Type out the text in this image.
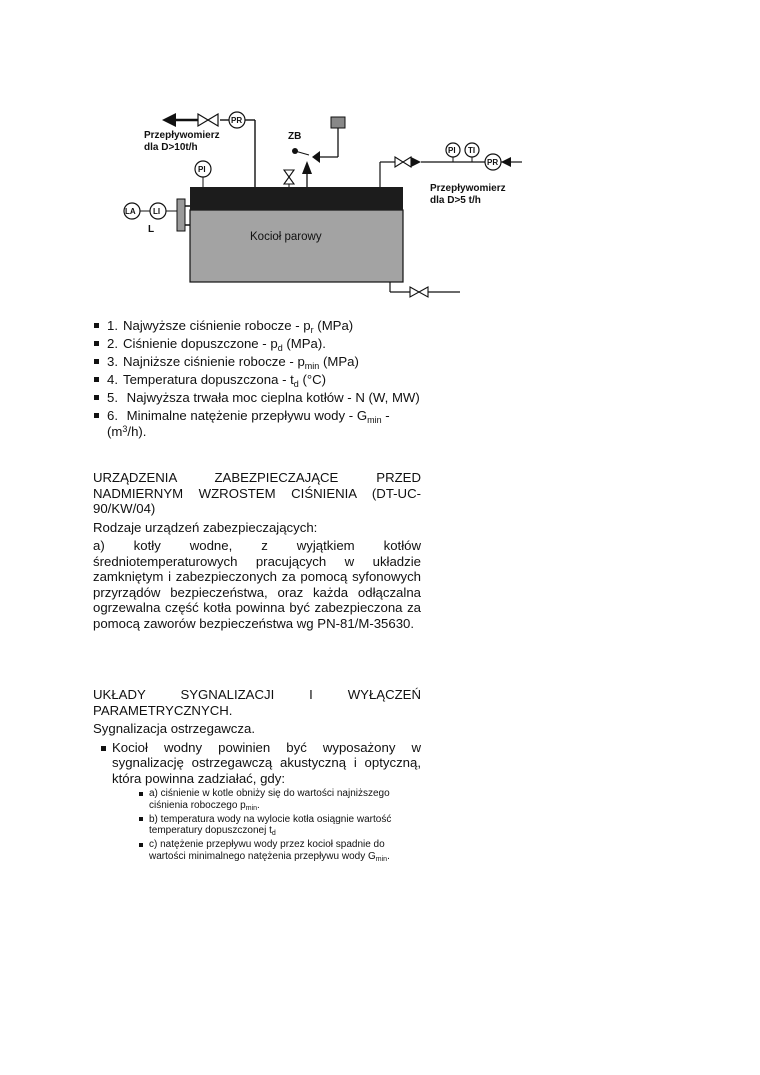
Kocioł parowy
LA LI
L
PI
PR
Przepływomierz
dla D>10t/h
ZB
PI TI
PR
Przepływomierz
dla D>5 t/h
1. Najwyższe ciśnienie robocze - $p_r$ (MPa)
2. Ciśnienie dopuszczone - $p_d$ (MPa).
3. Najniższe ciśnienie robocze - $p_{min}$ (MPa)
4. Temperatura dopuszczona - $t_d$ (°C)
5. Najwyższa trwała moc cieplna kotłów - N (W, MW)
6. Minimalne natężenie przepływu wody - $G_{min} - (m^3/h)$.

URZĄDZENIA ZABEZPIECZAJĄCE PRZED

NADMIERNYM WZROSTEM CIŚNIENIA (DT-UC-

90/KW/04)

Rodzaje urządzeń zabezpieczających:

a) kotły wodne, z wyjątkiem kotłów średniotemperaturowych pracujących w układzie zamkniętym i zabezpieczonych za pomocą syfonowych przyrządów bezpieczeństwa, oraz każda odłączalna ogrzewalna część kotła powinna być zabezpieczona za pomocą zaworów bezpieczeństwa wg PN-81/M-35630.

UKŁADY SYGNALIZACJI I WYŁĄCZEŃ

PARAMETRYCZNYCH.

Sygnalizacja ostrzegawcza.

Kocioł wodny powinien być wyposażony w sygnalizację ostrzegawczą akustyczną i optyczną, która powinna zadziałać, gdy:
a) ciśnienie w kotle obniży się do wartości najniższego ciśnienia roboczego $p_{min}$.
b) temperatura wody na wylocie kotła osiągnie wartość temperatury dopuszczonej $t_d$
c) natężenie przepływu wody przez kocioł spadnie do wartości minimalnego natężenia przepływu wody $G_{min}$.
